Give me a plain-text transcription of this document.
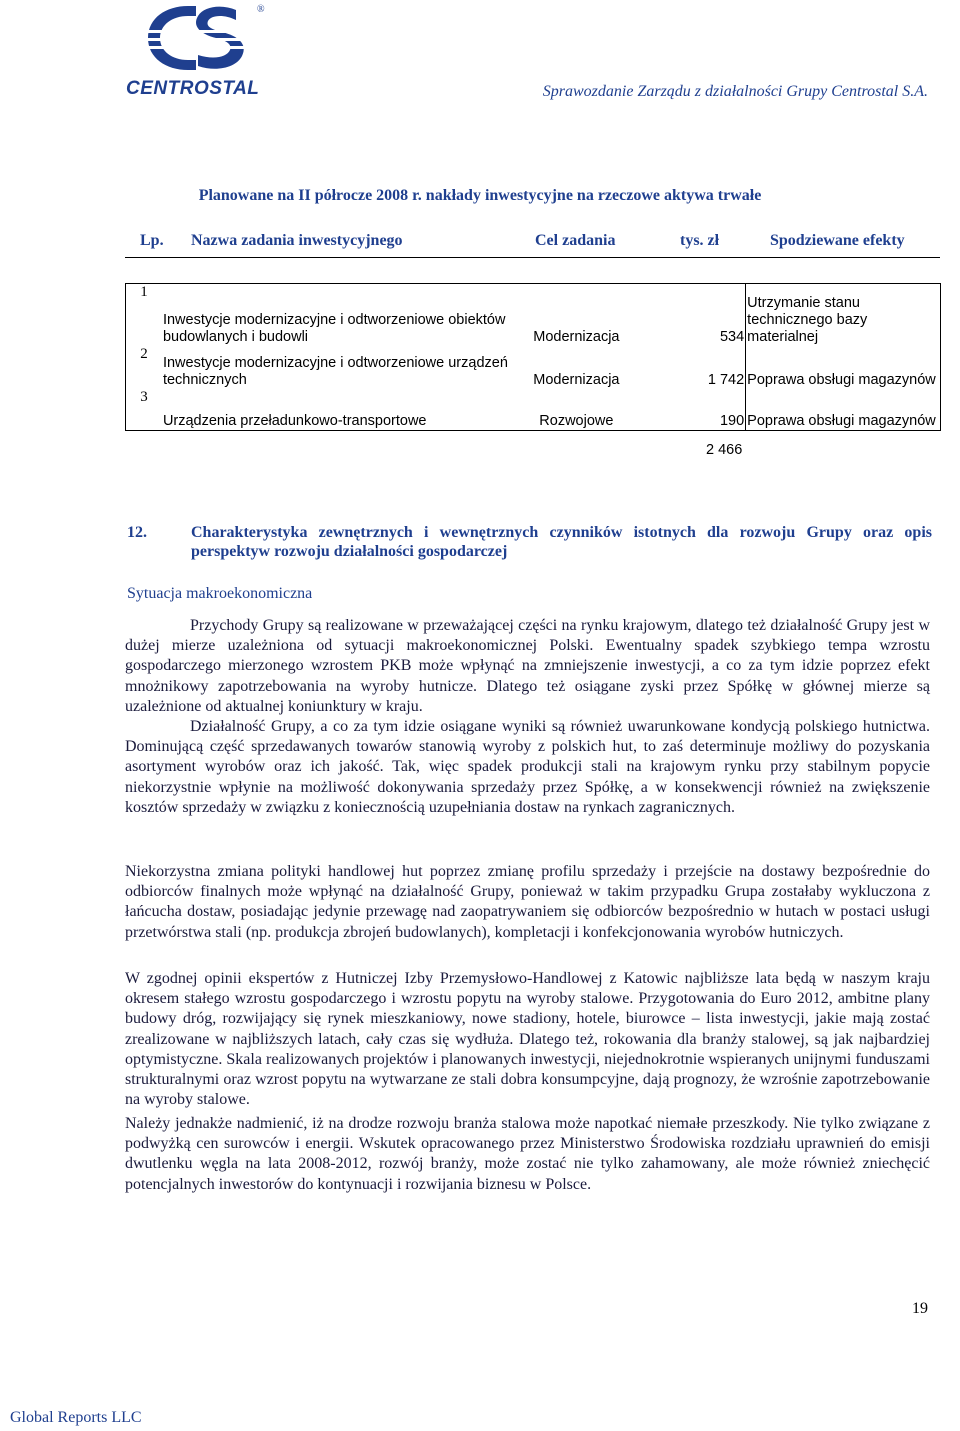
CENTROSTAL
®
Sprawozdanie Zarządu z działalności Grupy Centrostal S.A.
Planowane na II półrocze 2008 r. nakłady inwestycyjne na rzeczowe aktywa trwałe
Lp. Nazwa zadania inwestycyjnego	Cel zadania	tys. zł	Spodziewane efekty
1	Inwestycje modernizacyjne i odtworzeniowe obiektów budowlanych i budowli	Modernizacja	534	Utrzymanie stanu technicznego bazy materialnej
2	Inwestycje modernizacyjne i odtworzeniowe urządzeń technicznych	Modernizacja	1 742	Poprawa obsługi magazynów
3	Urządzenia przeładunkowo-transportowe	Rozwojowe	190	Poprawa obsługi magazynów
2 466
12.	Charakterystyka zewnętrznych i wewnętrznych czynników istotnych dla rozwoju Grupy oraz opis perspektyw rozwoju działalności gospodarczej
Sytuacja makroekonomiczna

Przychody Grupy są realizowane w przeważającej części na rynku krajowym, dlatego też działalność Grupy jest w dużej mierze uzależniona od sytuacji makroekonomicznej Polski. Ewentualny spadek szybkiego tempa wzrostu gospodarczego mierzonego wzrostem PKB może wpłynąć na zmniejszenie inwestycji, a co za tym idzie poprzez efekt mnożnikowy zapotrzebowania na wyroby hutnicze. Dlatego też osiągane zyski przez Spółkę w głównej mierze są uzależnione od aktualnej koniunktury w kraju.

Działalność Grupy, a co za tym idzie osiągane wyniki są również uwarunkowane kondycją polskiego hutnictwa. Dominującą część sprzedawanych towarów stanowią wyroby z polskich hut, to zaś determinuje możliwy do pozyskania asortyment wyrobów oraz ich jakość. Tak, więc spadek produkcji stali na krajowym rynku przy stabilnym popycie niekorzystnie wpłynie na możliwość dokonywania sprzedaży przez Spółkę, a w konsekwencji również na zwiększenie kosztów sprzedaży w związku z koniecznością uzupełniania dostaw na rynkach zagranicznych.

Niekorzystna zmiana polityki handlowej hut poprzez zmianę profilu sprzedaży i przejście na dostawy bezpośrednie do odbiorców finalnych może wpłynąć na działalność Grupy, ponieważ w takim przypadku Grupa zostałaby wykluczona z łańcucha dostaw, posiadając jedynie przewagę nad zaopatrywaniem się odbiorców bezpośrednio w hutach w postaci usługi przetwórstwa stali (np. produkcja zbrojeń budowlanych), kompletacji i konfekcjonowania wyrobów hutniczych.

W zgodnej opinii ekspertów z Hutniczej Izby Przemysłowo-Handlowej z Katowic najbliższe lata będą w naszym kraju okresem stałego wzrostu gospodarczego i wzrostu popytu na wyroby stalowe. Przygotowania do Euro 2012, ambitne plany budowy dróg, rozwijający się rynek mieszkaniowy, nowe stadiony, hotele, biurowce – lista inwestycji, jakie mają zostać zrealizowane w najbliższych latach, cały czas się wydłuża. Dlatego też, rokowania dla branży stalowej, są jak najbardziej optymistyczne. Skala realizowanych projektów i planowanych inwestycji, niejednokrotnie wspieranych unijnymi funduszami strukturalnymi oraz wzrost popytu na wytwarzane ze stali dobra konsumpcyjne, dają prognozy, że wzrośnie zapotrzebowanie na wyroby stalowe.

Należy jednakże nadmienić, iż na drodze rozwoju branża stalowa może napotkać niemałe przeszkody. Nie tylko związane z podwyżką cen surowców i energii. Wskutek opracowanego przez Ministerstwo Środowiska rozdziału uprawnień do emisji dwutlenku węgla na lata 2008-2012, rozwój branży, może zostać nie tylko zahamowany, ale może również zniechęcić potencjalnych inwestorów do kontynuacji i rozwijania biznesu w Polsce.

19
Global Reports LLC
